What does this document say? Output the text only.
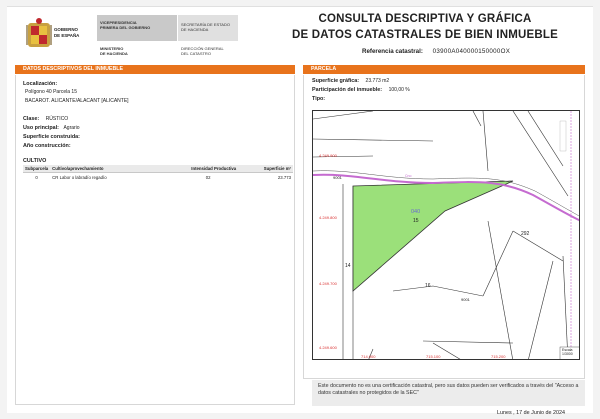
GOBIERNO
DE ESPAÑA
VICEPRESIDENCIA
PRIMERA DEL GOBIERNO
MINISTERIO
DE HACIENDA
SECRETARÍA DE ESTADO
DE HACIENDA
DIRECCIÓN GENERAL
DEL CATASTRO
CONSULTA DESCRIPTIVA Y GRÁFICA
DE DATOS CATASTRALES DE BIEN INMUEBLE
Referencia catastral: 03900A040000150000OX
DATOS DESCRIPTIVOS DEL INMUEBLE	PARCELA
Localización:
Polígono 40 Parcela 15
BACAROT. ALICANTE/ALACANT [ALICANTE]
Clase: RÚSTICO
Uso principal: Agrario
Superficie construida:
Año construcción:
CULTIVO
Subparcela	Cultivo/aprovechamiento	Intensidad Productiva	Superficie m²
0	CR Labor o labradío regadío	02	23.773
Superficie gráfica: 23.773 m2
Participación del inmueble: 100,00 %
Tipo:
4.249.900
4.249.800
4.249.700
4.249.600
714.900	715.100	715.200
040
15
292
14
16
9001
9001
Cno
Escala 1/3000
Este documento no es una certificación catastral, pero sus datos pueden ser verificados a través del "Acceso a datos catastrales no protegidos de la SEC"
Lunes , 17 de Junio de 2024
